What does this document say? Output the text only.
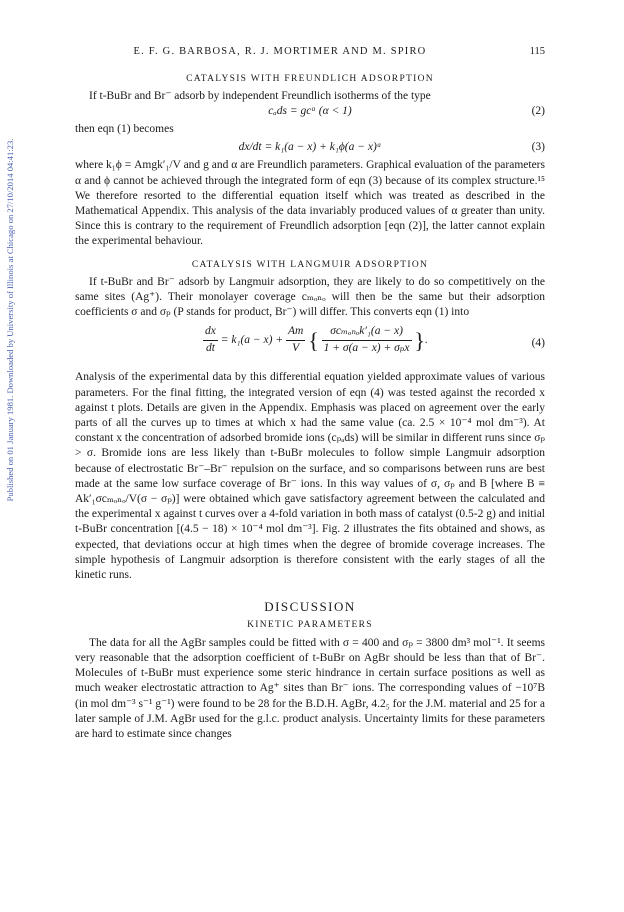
Published on 01 January 1981. Downloaded by University of Illinois at Chicago on 27/10/2014 04:41:23.
E. F. G. BARBOSA, R. J. MORTIMER AND M. SPIRO	115
CATALYSIS WITH FREUNDLICH ADSORPTION

If t-BuBr and Br⁻ adsorb by independent Freundlich isotherms of the type

cₐds = gcᵅ (α < 1)	(2)
then eqn (1) becomes
dx/dt = k₁(a − x) + k₁ϕ(a − x)ᵅ	(3)

where k₁ϕ = Amgk′₁/V and g and α are Freundlich parameters. Graphical evaluation of the parameters α and ϕ cannot be achieved through the integrated form of eqn (3) because of its complex structure.¹⁵ We therefore resorted to the differential equation itself which was treated as described in the Mathematical Appendix. This analysis of the data invariably produced values of α greater than unity. Since this is contrary to the requirement of Freundlich adsorption [eqn (2)], the latter cannot explain the experimental behaviour.

CATALYSIS WITH LANGMUIR ADSORPTION

If t-BuBr and Br⁻ adsorb by Langmuir adsorption, they are likely to do so competitively on the same sites (Ag⁺). Their monolayer coverage cₘₒₙₒ will then be the same but their adsorption coefficients σ and σₚ (P stands for product, Br⁻) will differ. This converts eqn (1) into

$\frac{dx}{dt} = k_1(a - x) + \frac{Am}{V}$ { $\frac{\text{σcₘₒₙₒk′₁(a − x)}}{\text{1 + σ(a − x) + σₚx}}$ }.	(4)

Analysis of the experimental data by this differential equation yielded approximate values of various parameters. For the final fitting, the integrated version of eqn (4) was tested against the recorded x against t plots. Details are given in the Appendix. Emphasis was placed on agreement over the early parts of all the curves up to times at which x had the same value (ca. 2.5 × 10⁻⁴ mol dm⁻³). At constant x the concentration of adsorbed bromide ions (cₚₐds) will be similar in different runs since σₚ > σ. Bromide ions are less likely than t-BuBr molecules to follow simple Langmuir adsorption because of electrostatic Br⁻–Br⁻ repulsion on the surface, and so comparisons between runs are best made at the same low surface coverage of Br⁻ ions. In this way values of σ, σₚ and B [where B ≡ Ak′₁σcₘₒₙₒ/V(σ − σₚ)] were obtained which gave satisfactory agreement between the calculated and the experimental x against t curves over a 4-fold variation in both mass of catalyst (0.5-2 g) and initial t-BuBr concentration [(4.5 − 18) × 10⁻⁴ mol dm⁻³]. Fig. 2 illustrates the fits obtained and shows, as expected, that deviations occur at high times when the degree of bromide coverage increases. The simple hypothesis of Langmuir adsorption is therefore consistent with the early stages of all the kinetic runs.

DISCUSSION
KINETIC PARAMETERS

The data for all the AgBr samples could be fitted with σ = 400 and σₚ = 3800 dm³ mol⁻¹. It seems very reasonable that the adsorption coefficient of t-BuBr on AgBr should be less than that of Br⁻. Molecules of t-BuBr must experience some steric hindrance in certain surface positions as well as much weaker electrostatic attraction to Ag⁺ sites than Br⁻ ions. The corresponding values of −10⁷B (in mol dm⁻³ s⁻¹ g⁻¹) were found to be 28 for the B.D.H. AgBr, 4.2₅ for the J.M. material and 25 for a later sample of J.M. AgBr used for the g.l.c. product analysis. Uncertainty limits for these parameters are hard to estimate since changes
